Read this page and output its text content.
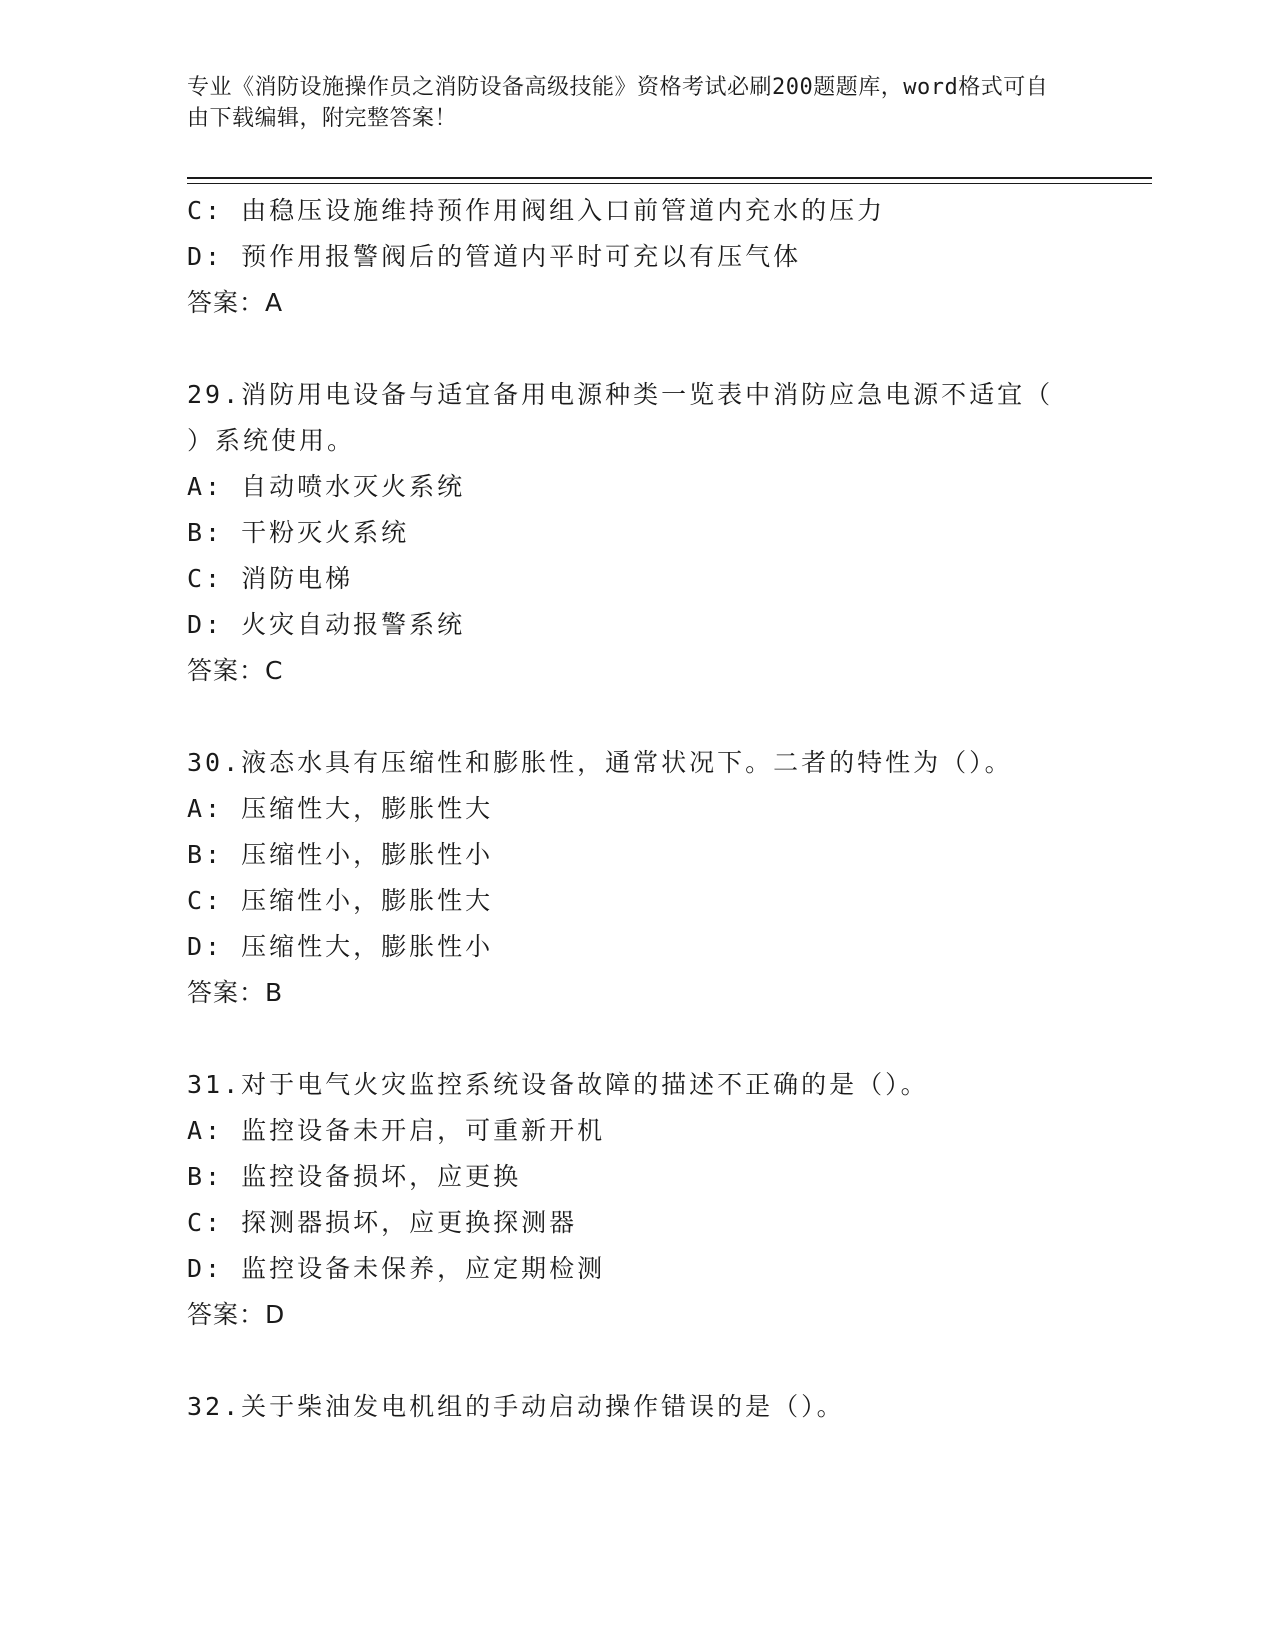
专业《消防设施操作员之消防设备高级技能》资格考试必刷200题题库，word格式可自由下载编辑，附完整答案！
C: 由稳压设施维持预作用阀组入口前管道内充水的压力
D: 预作用报警阀后的管道内平时可充以有压气体
答案：A
29.消防用电设备与适宜备用电源种类一览表中消防应急电源不适宜（
）系统使用。
A: 自动喷水灭火系统
B: 干粉灭火系统
C: 消防电梯
D: 火灾自动报警系统
答案：C
30.液态水具有压缩性和膨胀性，通常状况下。二者的特性为（）。
A: 压缩性大，膨胀性大
B: 压缩性小，膨胀性小
C: 压缩性小，膨胀性大
D: 压缩性大，膨胀性小
答案：B
31.对于电气火灾监控系统设备故障的描述不正确的是（）。
A: 监控设备未开启，可重新开机
B: 监控设备损坏，应更换
C: 探测器损坏，应更换探测器
D: 监控设备未保养，应定期检测
答案：D
32.关于柴油发电机组的手动启动操作错误的是（）。
